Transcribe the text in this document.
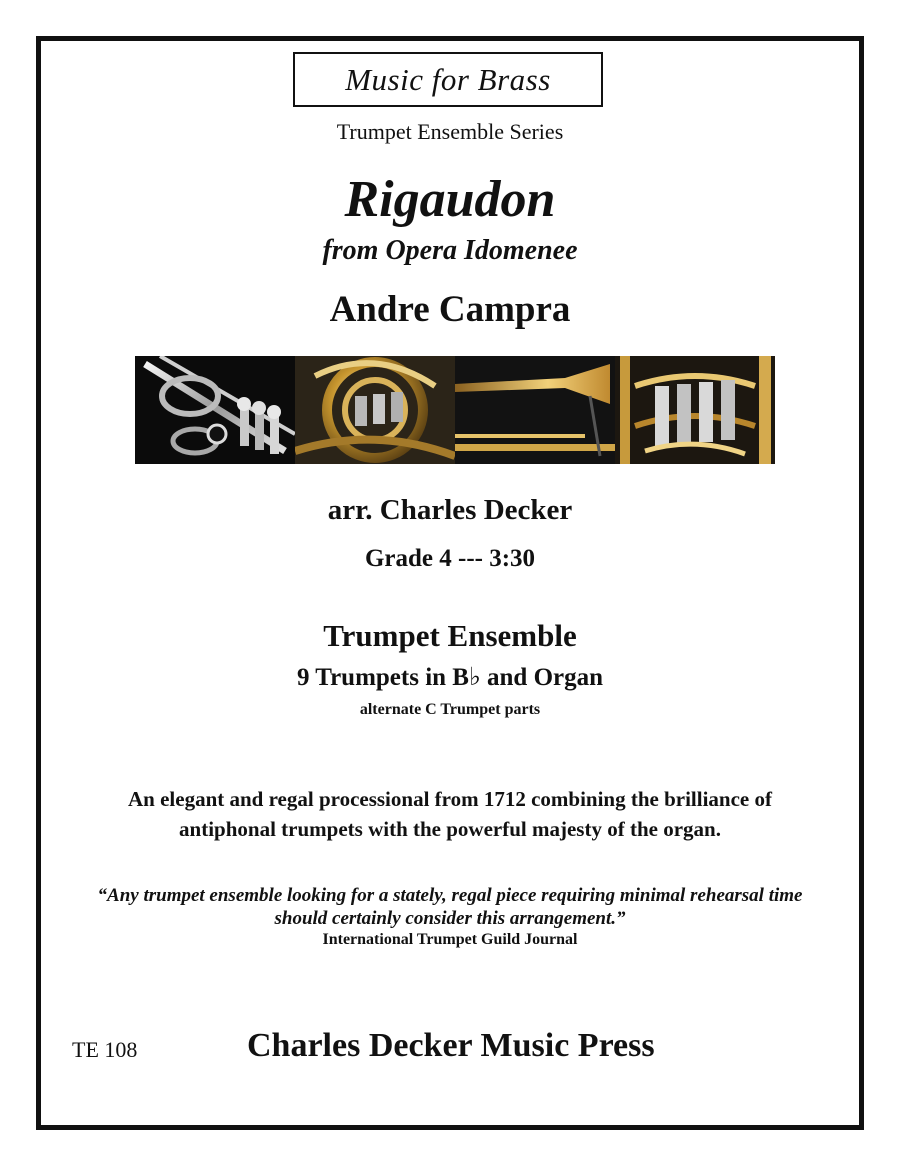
Music for Brass
Trumpet Ensemble Series
Rigaudon
from Opera Idomenee
Andre Campra
arr. Charles Decker
Grade 4 --- 3:30
Trumpet Ensemble
9 Trumpets in B♭ and Organ
alternate C Trumpet parts
An elegant and regal processional from 1712 combining the brilliance of
antiphonal trumpets with the powerful majesty of the organ.
“Any trumpet ensemble looking for a stately, regal piece requiring minimal rehearsal time
should certainly consider this arrangement.”
International Trumpet Guild Journal
TE 108	Charles Decker Music Press
